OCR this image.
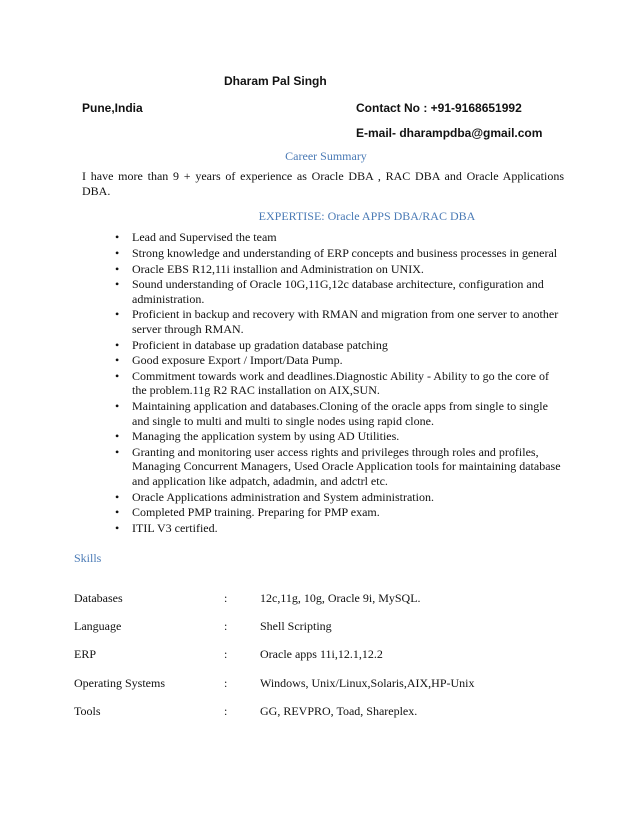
Dharam Pal Singh
Pune,India	Contact No : +91-9168651992
E-mail- dharampdba@gmail.com
Career Summary
I have more than 9 + years of experience as Oracle DBA , RAC DBA and Oracle Applications DBA.
EXPERTISE: Oracle APPS DBA/RAC DBA
• Lead and Supervised the team
• Strong knowledge and understanding of ERP concepts and business processes in general
• Oracle EBS R12,11i installion and Administration on UNIX.
• Sound understanding of Oracle 10G,11G,12c database architecture, configuration and administration.
• Proficient in backup and recovery with RMAN and migration from one server to another server through RMAN.
• Proficient in database up gradation database patching
• Good exposure Export / Import/Data Pump.
• Commitment towards work and deadlines.Diagnostic Ability - Ability to go the core of the problem.11g R2 RAC installation on AIX,SUN.
• Maintaining application and databases.Cloning of the oracle apps from single to single and single to multi and multi to single nodes using rapid clone.
• Managing the application system by using AD Utilities.
• Granting and monitoring user access rights and privileges through roles and profiles, Managing Concurrent Managers, Used Oracle Application tools for maintaining database and application like adpatch, adadmin, and adctrl etc.
• Oracle Applications administration and System administration.
• Completed PMP training. Preparing for PMP exam.
• ITIL V3 certified.
Skills
Databases	:	12c,11g, 10g, Oracle 9i, MySQL.
Language	:	Shell Scripting
ERP	:	Oracle apps 11i,12.1,12.2
Operating Systems	:	Windows, Unix/Linux,Solaris,AIX,HP-Unix
Tools	:	GG, REVPRO, Toad, Shareplex.
